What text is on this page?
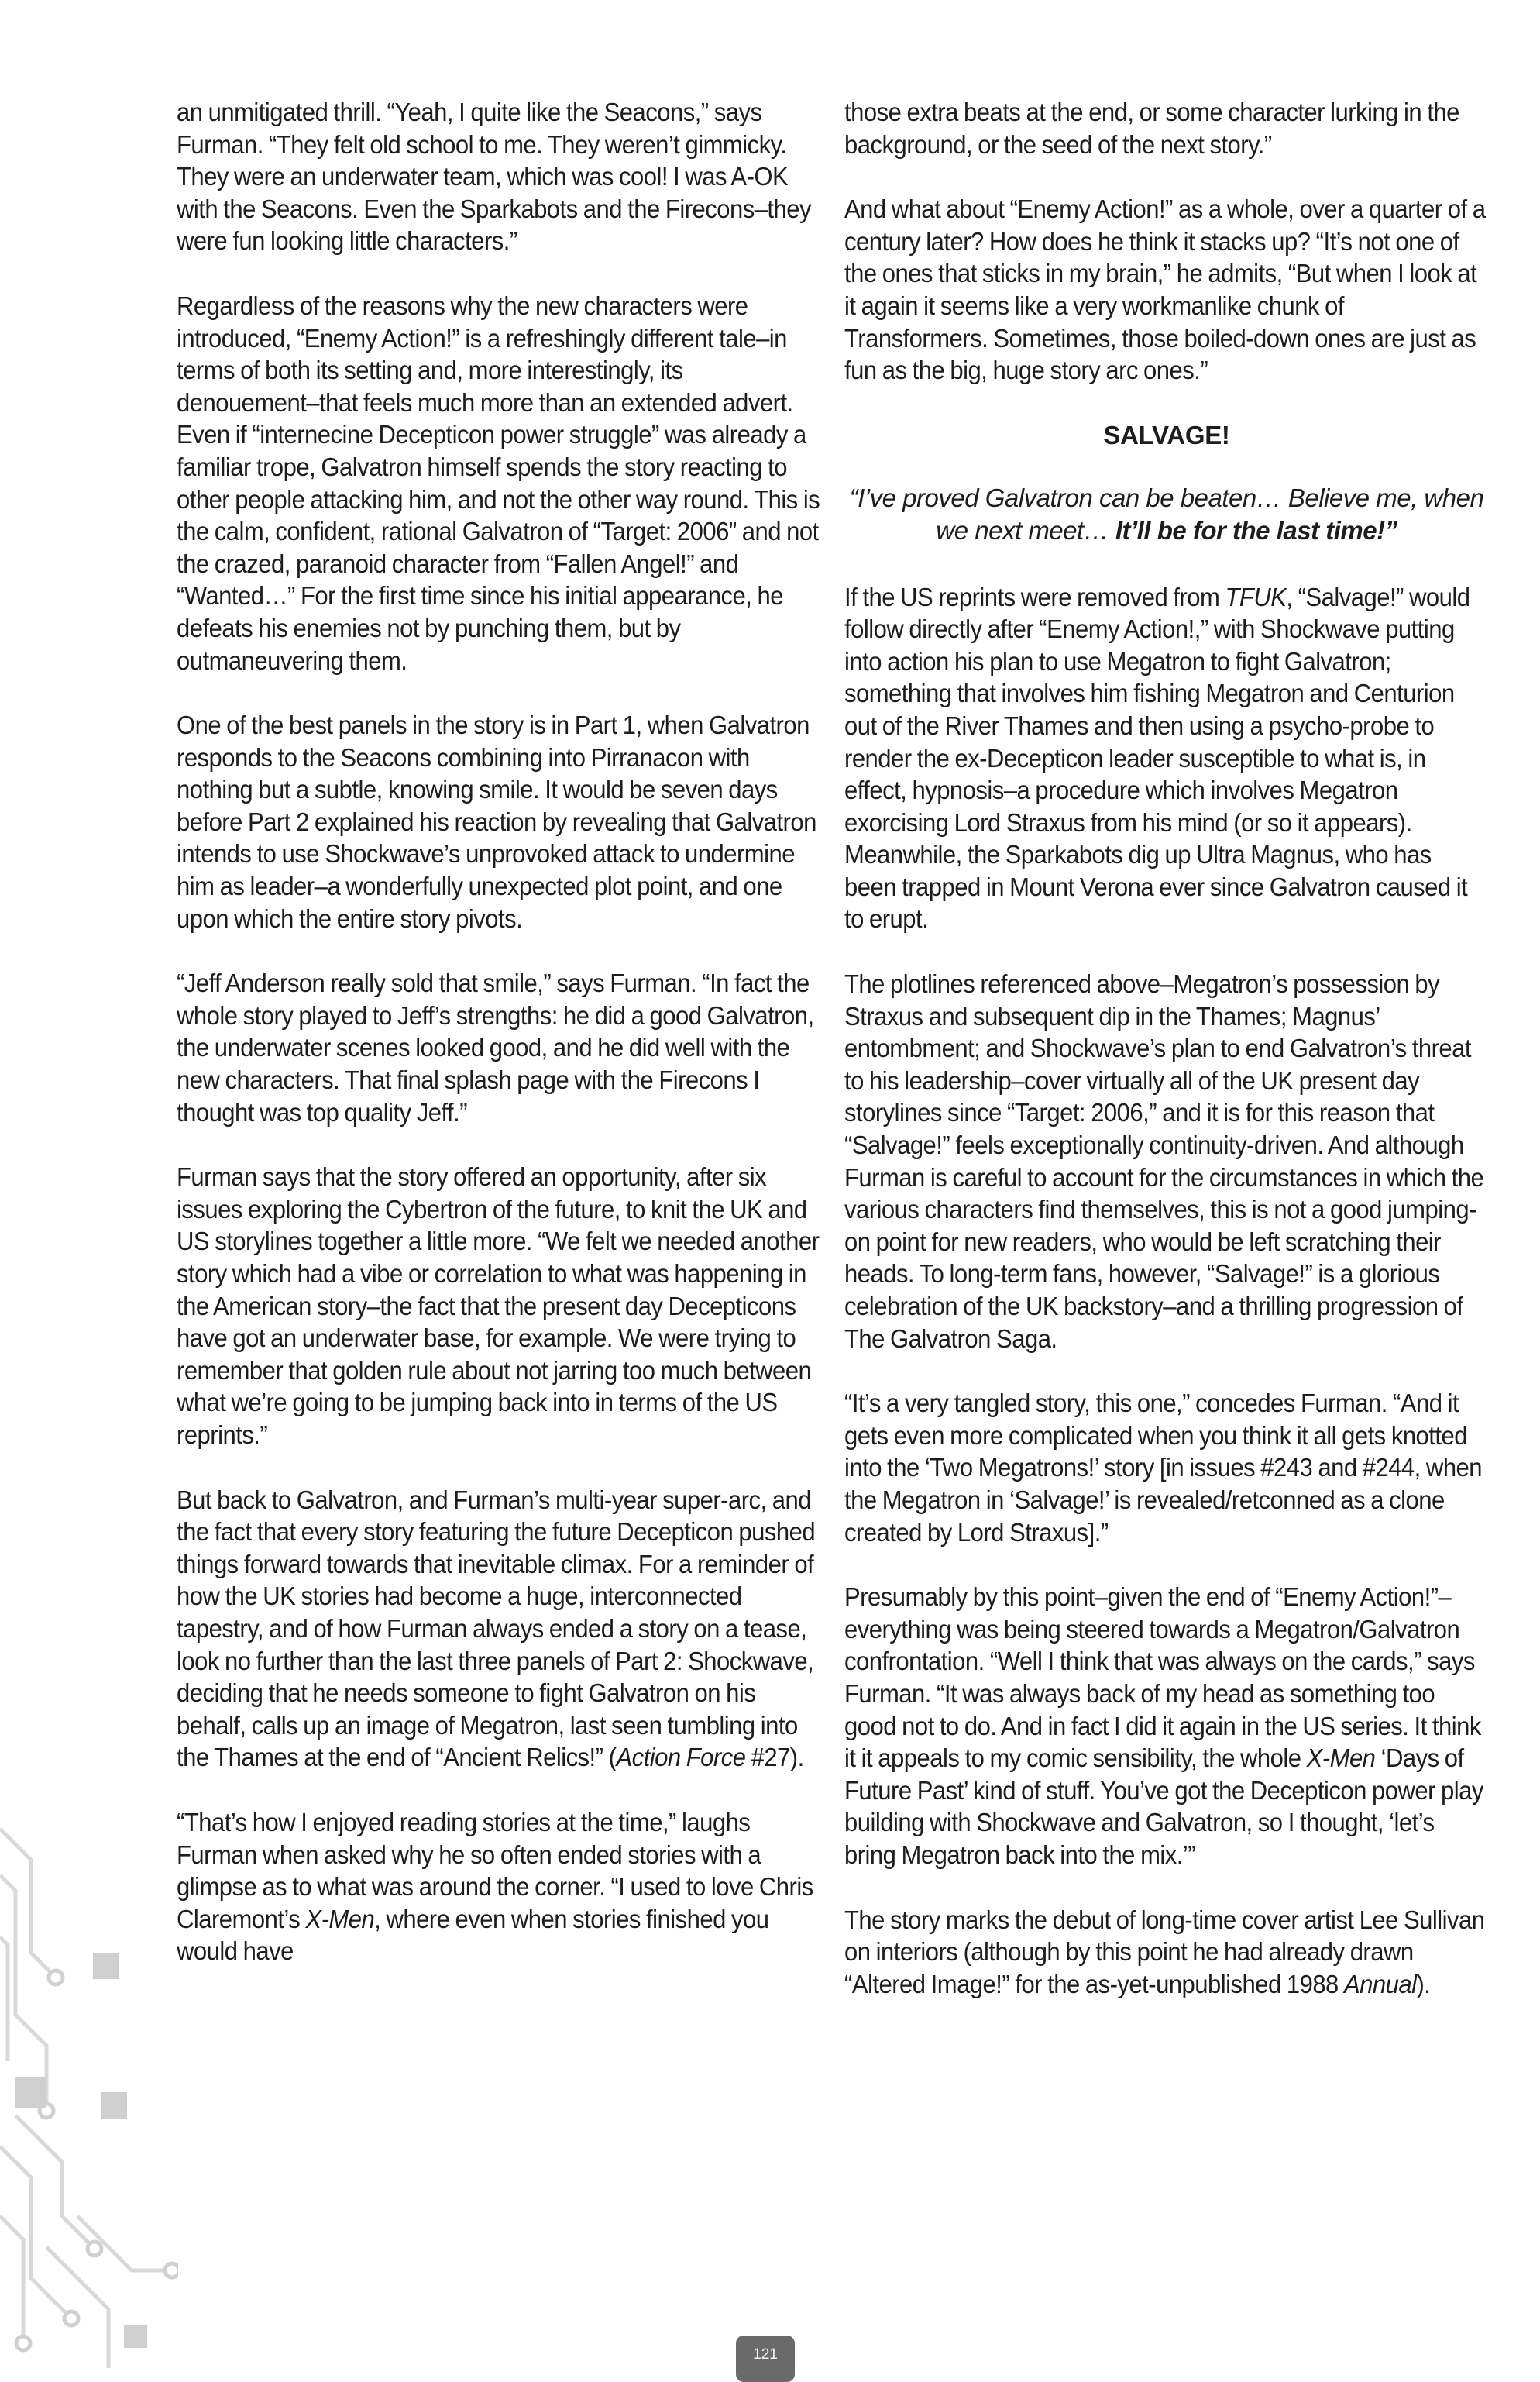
an unmitigated thrill. “Yeah, I quite like the Seacons,” says Furman. “They felt old school to me. They weren’t gimmicky. They were an underwater team, which was cool! I was A-OK with the Seacons. Even the Sparkabots and the Firecons–they were fun looking little characters.”

Regardless of the reasons why the new characters were introduced, “Enemy Action!” is a refreshingly different tale–in terms of both its setting and, more interestingly, its denouement–that feels much more than an extended advert. Even if “internecine Decepticon power struggle” was already a familiar trope, Galvatron himself spends the story reacting to other people attacking him, and not the other way round. This is the calm, confident, rational Galvatron of “Target: 2006” and not the crazed, paranoid character from “Fallen Angel!” and “Wanted…” For the first time since his initial appearance, he defeats his enemies not by punching them, but by outmaneuvering them.

One of the best panels in the story is in Part 1, when Galvatron responds to the Seacons combining into Pirranacon with nothing but a subtle, knowing smile. It would be seven days before Part 2 explained his reaction by revealing that Galvatron intends to use Shockwave’s unprovoked attack to undermine him as leader–a wonderfully unexpected plot point, and one upon which the entire story pivots.

“Jeff Anderson really sold that smile,” says Furman. “In fact the whole story played to Jeff’s strengths: he did a good Galvatron, the underwater scenes looked good, and he did well with the new characters. That final splash page with the Firecons I thought was top quality Jeff.”

Furman says that the story offered an opportunity, after six issues exploring the Cybertron of the future, to knit the UK and US storylines together a little more. “We felt we needed another story which had a vibe or correlation to what was happening in the American story–the fact that the present day Decepticons have got an underwater base, for example. We were trying to remember that golden rule about not jarring too much between what we’re going to be jumping back into in terms of the US reprints.”

But back to Galvatron, and Furman’s multi-year super-arc, and the fact that every story featuring the future Decepticon pushed things forward towards that inevitable climax. For a reminder of how the UK stories had become a huge, interconnected tapestry, and of how Furman always ended a story on a tease, look no further than the last three panels of Part 2: Shockwave, deciding that he needs someone to fight Galvatron on his behalf, calls up an image of Megatron, last seen tumbling into the Thames at the end of “Ancient Relics!” (Action Force #27).

“That’s how I enjoyed reading stories at the time,” laughs Furman when asked why he so often ended stories with a glimpse as to what was around the corner. “I used to love Chris Claremont’s X-Men, where even when stories finished you would have

those extra beats at the end, or some character lurking in the background, or the seed of the next story.”

And what about “Enemy Action!” as a whole, over a quarter of a century later? How does he think it stacks up? “It’s not one of the ones that sticks in my brain,” he admits, “But when I look at it again it seems like a very workmanlike chunk of Transformers. Sometimes, those boiled-down ones are just as fun as the big, huge story arc ones.”

SALVAGE!
“I’ve proved Galvatron can be beaten… Believe me, when we next meet… It’ll be for the last time!”

If the US reprints were removed from TFUK, “Salvage!” would follow directly after “Enemy Action!,” with Shockwave putting into action his plan to use Megatron to fight Galvatron; something that involves him fishing Megatron and Centurion out of the River Thames and then using a psycho-probe to render the ex-Decepticon leader susceptible to what is, in effect, hypnosis–a procedure which involves Megatron exorcising Lord Straxus from his mind (or so it appears). Meanwhile, the Sparkabots dig up Ultra Magnus, who has been trapped in Mount Verona ever since Galvatron caused it to erupt.

The plotlines referenced above–Megatron’s possession by Straxus and subsequent dip in the Thames; Magnus’ entombment; and Shockwave’s plan to end Galvatron’s threat to his leadership–cover virtually all of the UK present day storylines since “Target: 2006,” and it is for this reason that “Salvage!” feels exceptionally continuity-driven. And although Furman is careful to account for the circumstances in which the various characters find themselves, this is not a good jumping-on point for new readers, who would be left scratching their heads. To long-term fans, however, “Salvage!” is a glorious celebration of the UK backstory–and a thrilling progression of The Galvatron Saga.

“It’s a very tangled story, this one,” concedes Furman. “And it gets even more complicated when you think it all gets knotted into the ‘Two Megatrons!’ story [in issues #243 and #244, when the Megatron in ‘Salvage!’ is revealed/retconned as a clone created by Lord Straxus].”

Presumably by this point–given the end of “Enemy Action!”–everything was being steered towards a Megatron/Galvatron confrontation. “Well I think that was always on the cards,” says Furman. “It was always back of my head as something too good not to do. And in fact I did it again in the US series. It think it it appeals to my comic sensibility, the whole X-Men ‘Days of Future Past’ kind of stuff. You’ve got the Decepticon power play building with Shockwave and Galvatron, so I thought, ‘let’s bring Megatron back into the mix.’”

The story marks the debut of long-time cover artist Lee Sullivan on interiors (although by this point he had already drawn “Altered Image!” for the as-yet-unpublished 1988 Annual).

121
